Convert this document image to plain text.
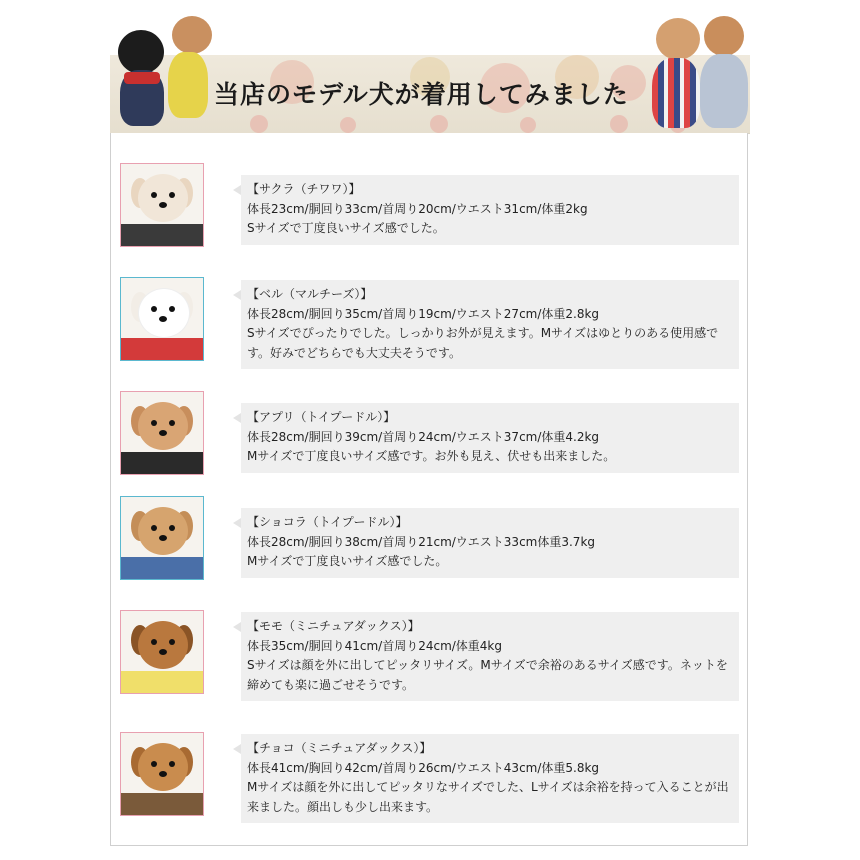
当店のモデル犬が着用してみました
【サクラ（チワワ）】
体長23cm/胴回り33cm/首周り20cm/ウエスト31cm/体重2kg
Sサイズで丁度良いサイズ感でした。
【ベル（マルチーズ）】
体長28cm/胴回り35cm/首周り19cm/ウエスト27cm/体重2.8kg
Sサイズでぴったりでした。しっかりお外が見えます。Mサイズはゆとりのある使用感です。好みでどちらでも大丈夫そうです。
【アプリ（トイプードル）】
体長28cm/胴回り39cm/首周り24cm/ウエスト37cm/体重4.2kg
Mサイズで丁度良いサイズ感です。お外も見え、伏せも出来ました。
【ショコラ（トイプードル）】
体長28cm/胴回り38cm/首周り21cm/ウエスト33cm体重3.7kg
Mサイズで丁度良いサイズ感でした。
【モモ（ミニチュアダックス）】
体長35cm/胴回り41cm/首周り24cm/体重4kg
Sサイズは顔を外に出してピッタリサイズ。Mサイズで余裕のあるサイズ感です。ネットを締めても楽に過ごせそうです。
【チョコ（ミニチュアダックス）】
体長41cm/胸回り42cm/首周り26cm/ウエスト43cm/体重5.8kg
Mサイズは顔を外に出してピッタリなサイズでした、Lサイズは余裕を持って入ることが出来ました。顔出しも少し出来ます。
